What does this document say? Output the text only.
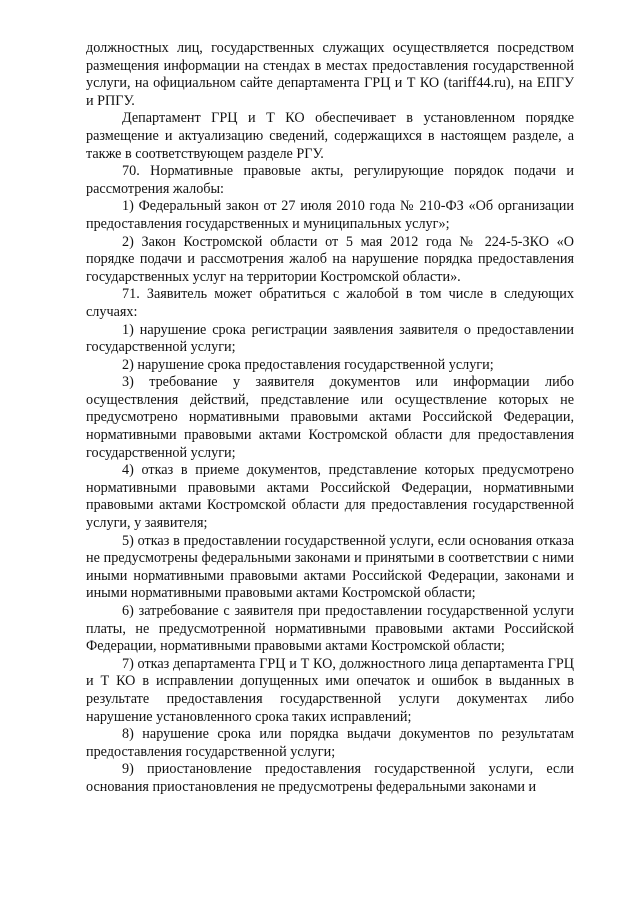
должностных лиц, государственных служащих осуществляется посредством размещения информации на стендах в местах предоставления государственной услуги, на официальном сайте департамента ГРЦ и Т КО (tariff44.ru), на ЕПГУ и РПГУ.

Департамент ГРЦ и Т КО обеспечивает в установленном порядке размещение и актуализацию сведений, содержащихся в настоящем разделе, а также в соответствующем разделе РГУ.

70. Нормативные правовые акты, регулирующие порядок подачи и рассмотрения жалобы:

1) Федеральный закон от 27 июля 2010 года № 210-ФЗ «Об организации предоставления государственных и муниципальных услуг»;

2) Закон Костромской области от 5 мая 2012 года № 224-5-ЗКО «О порядке подачи и рассмотрения жалоб на нарушение порядка предоставления государственных услуг на территории Костромской области».

71. Заявитель может обратиться с жалобой в том числе в следующих случаях:

1) нарушение срока регистрации заявления заявителя о предоставлении государственной услуги;

2) нарушение срока предоставления государственной услуги;

3) требование у заявителя документов или информации либо осуществления действий, представление или осуществление которых не предусмотрено нормативными правовыми актами Российской Федерации, нормативными правовыми актами Костромской области для предоставления государственной услуги;

4) отказ в приеме документов, представление которых предусмотрено нормативными правовыми актами Российской Федерации, нормативными правовыми актами Костромской области для предоставления государственной услуги, у заявителя;

5) отказ в предоставлении государственной услуги, если основания отказа не предусмотрены федеральными законами и принятыми в соответствии с ними иными нормативными правовыми актами Российской Федерации, законами и иными нормативными правовыми актами Костромской области;

6) затребование с заявителя при предоставлении государственной услуги платы, не предусмотренной нормативными правовыми актами Российской Федерации, нормативными правовыми актами Костромской области;

7) отказ департамента ГРЦ и Т КО, должностного лица департамента ГРЦ и Т КО в исправлении допущенных ими опечаток и ошибок в выданных в результате предоставления государственной услуги документах либо нарушение установленного срока таких исправлений;

8) нарушение срока или порядка выдачи документов по результатам предоставления государственной услуги;

9) приостановление предоставления государственной услуги, если основания приостановления не предусмотрены федеральными законами и
